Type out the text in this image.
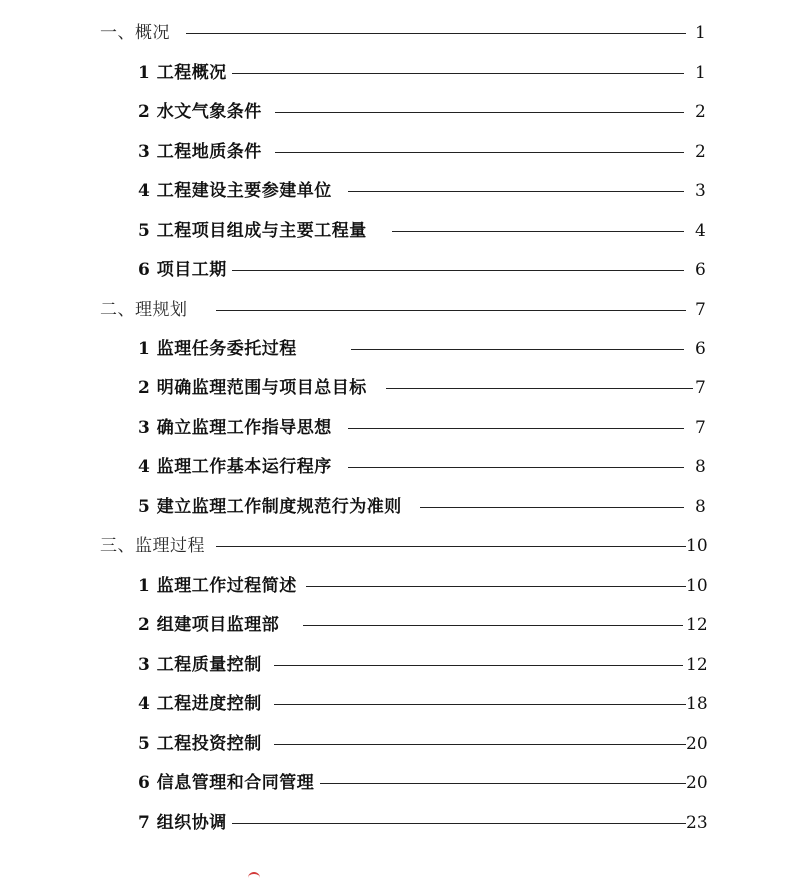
一、概况	1
1 工程概况	1
2 水文气象条件	2
3 工程地质条件	2
4 工程建设主要参建单位	3
5 工程项目组成与主要工程量	4
6 项目工期	6
二、理规划	7
1 监理任务委托过程	6
2 明确监理范围与项目总目标	7
3 确立监理工作指导思想	7
4 监理工作基本运行程序	8
5 建立监理工作制度规范行为准则	8
三、监理过程	10
1 监理工作过程简述	10
2 组建项目监理部	12
3 工程质量控制	12
4 工程进度控制	18
5 工程投资控制	20
6 信息管理和合同管理	20
7 组织协调	23
